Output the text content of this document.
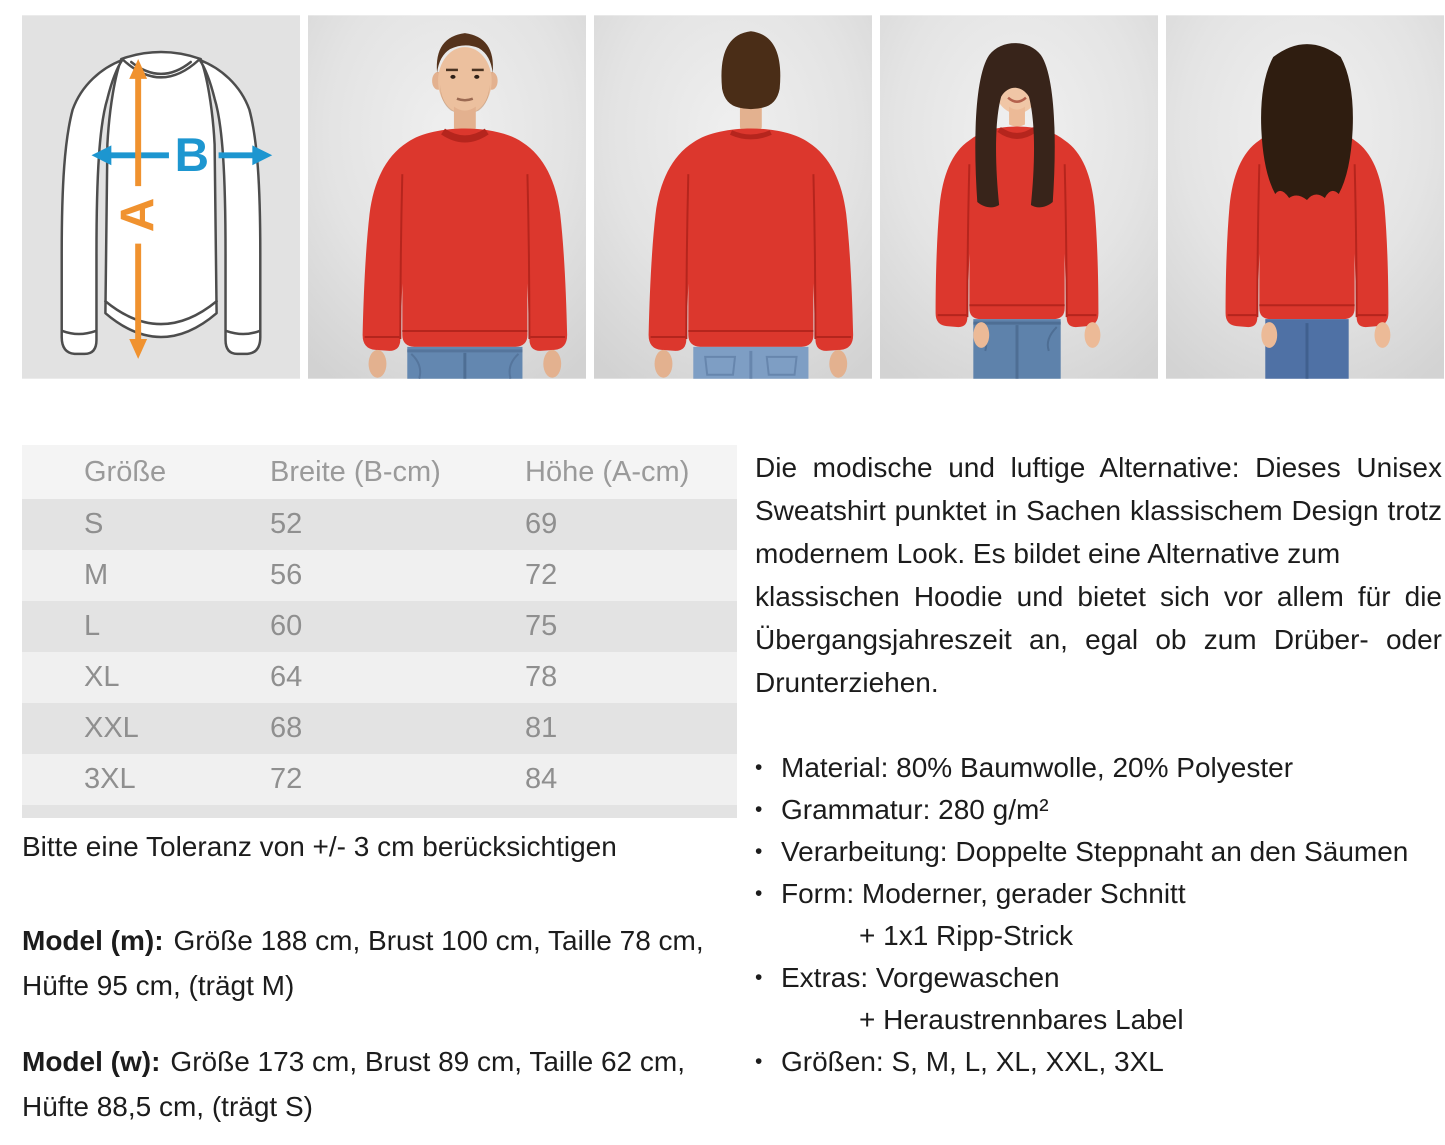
B
A
Größe	Breite (B-cm)	Höhe (A-cm)
S	52	69
M	56	72
L	60	75
XL	64	78
XXL	68	81
3XL	72	84
Bitte eine Toleranz von +/- 3 cm berücksichtigen
Model (m): Größe 188 cm, Brust 100 cm, Taille 78 cm,
Hüfte 95 cm, (trägt M)
Model (w): Größe 173 cm, Brust 89 cm, Taille 62 cm,
Hüfte 88,5 cm, (trägt S)
Die modische und luftige Alternative: Dieses Unisex
Sweatshirt punktet in Sachen klassischem Design trotz
modernem Look. Es bildet eine Alternative zum
klassischen Hoodie und bietet sich vor allem für die
Übergangsjahreszeit an, egal ob zum Drüber- oder
Drunterziehen.
• Material: 80% Baumwolle, 20% Polyester
• Grammatur: 280 g/m²
• Verarbeitung: Doppelte Steppnaht an den Säumen
• Form: Moderner, gerader Schnitt
+ 1x1 Ripp-Strick
• Extras: Vorgewaschen
+ Heraustrennbares Label
• Größen: S, M, L, XL, XXL, 3XL
